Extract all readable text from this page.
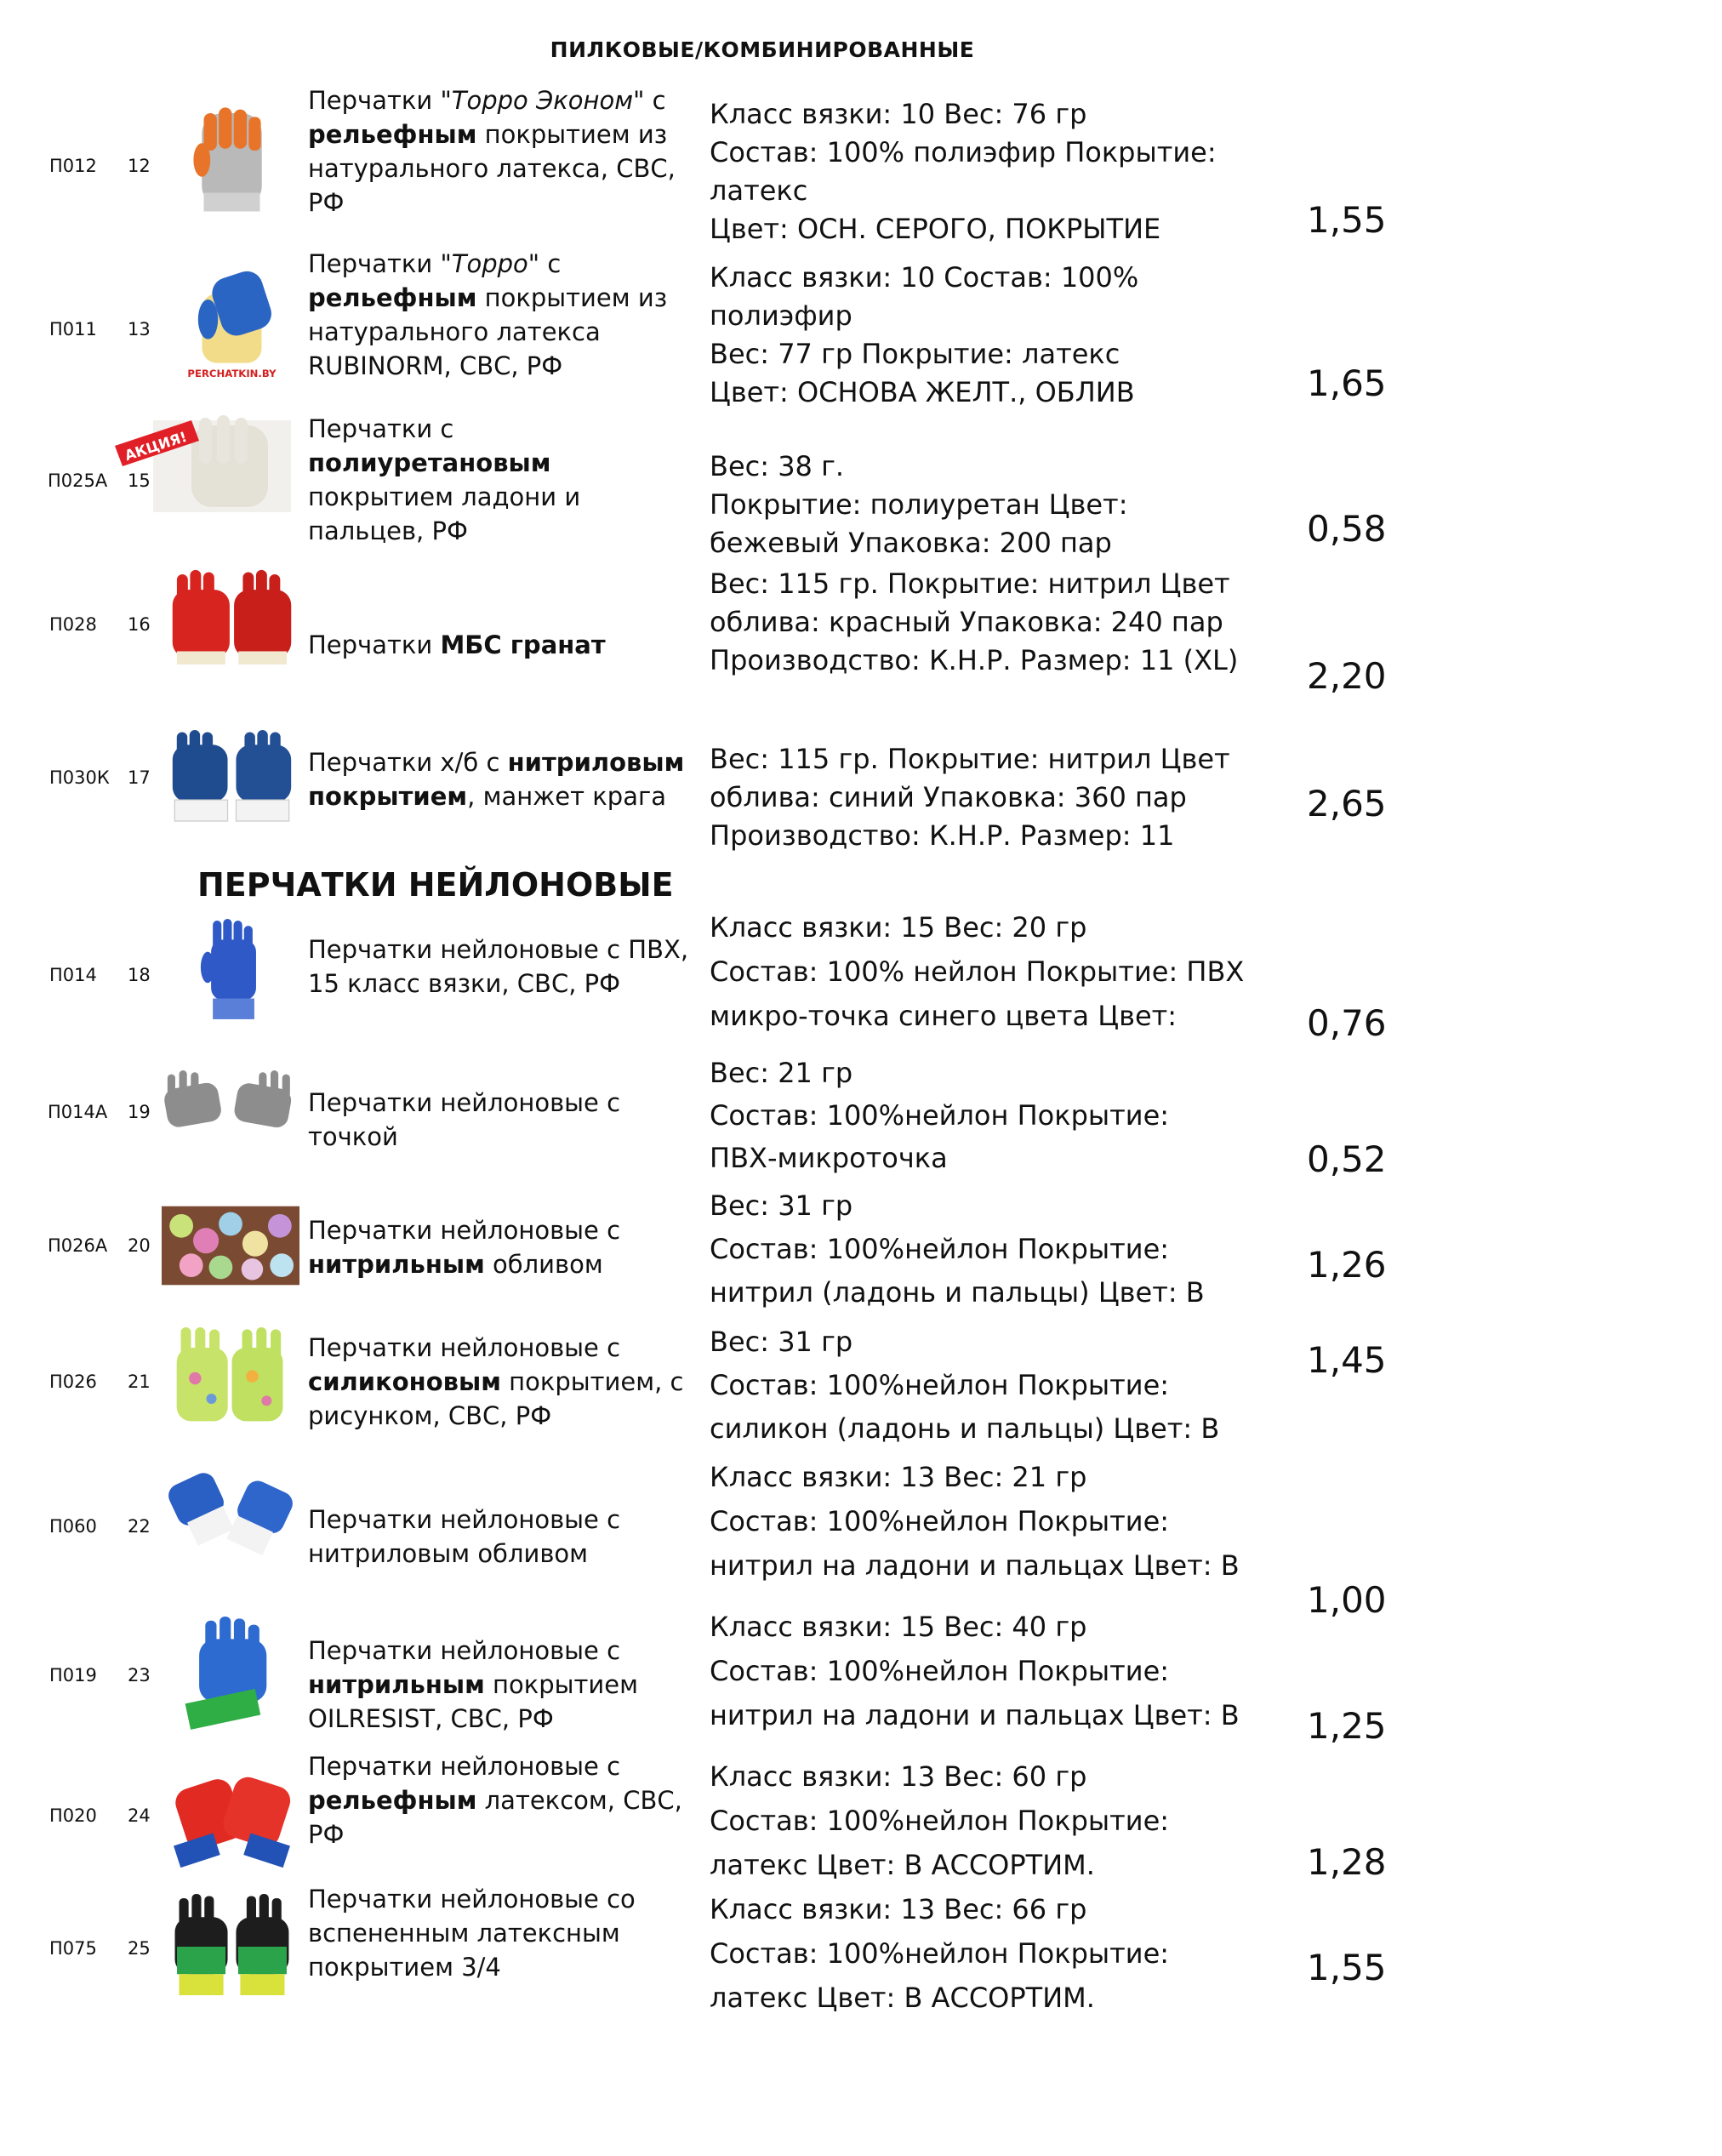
ПИЛКОВЫЕ/КОМБИНИРОВАННЫЕ
ПЕРЧАТКИ НЕЙЛОНОВЫЕ
П012 12
Перчатки "Торро Эконом" с рельефным покрытием из натурального латекса, СВС, РФ
Класс вязки: 10 Вес: 76 гр
Состав: 100% полиэфир Покрытие:
латекс
Цвет: ОСН. СЕРОГО, ПОКРЫТИЕ	1,55
П011 13
PERCHATKIN.BY
Перчатки "Торро" с рельефным покрытием из натурального латекса RUBINORM, СВС, РФ
Класс вязки: 10 Состав: 100%
полиэфир
Вес: 77 гр Покрытие: латекс
Цвет: ОСНОВА ЖЕЛТ., ОБЛИВ	1,65
П025А 15
АКЦИЯ!	Перчатки с полиуретановым покрытием ладони и пальцев, РФ
Вес: 38 г.
Покрытие: полиуретан Цвет:
бежевый Упаковка: 200 пар	0,58
П028 16
Перчатки МБС гранат
Вес: 115 гр. Покрытие: нитрил Цвет
облива: красный Упаковка: 240 пар
Производство: К.Н.Р. Размер: 11 (XL) 2,20
П030К 17
Перчатки х/б с нитриловым покрытием, манжет крага
Вес: 115 гр. Покрытие: нитрил Цвет
облива: синий Упаковка: 360 пар
Производство: К.Н.Р. Размер: 11
2,65
П014 18
Перчатки нейлоновые с ПВХ, 15 класс вязки, СВС, РФ
Класс вязки: 15 Вес: 20 гр
Состав: 100% нейлон Покрытие: ПВХ
микро-точка синего цвета Цвет:	0,76
П014А 19	Перчатки нейлоновые с точкой
Вес: 21 гр
Состав: 100%нейлон Покрытие:
ПВХ-микроточка	0,52
П026А 20
Перчатки нейлоновые с нитрильным обливом
Вес: 31 гр
Состав: 100%нейлон Покрытие:
нитрил (ладонь и пальцы) Цвет: В
1,26
П026 21
Перчатки нейлоновые с силиконовым покрытием, с рисунком, СВС, РФ
Вес: 31 гр
Состав: 100%нейлон Покрытие:
силикон (ладонь и пальцы) Цвет: В
1,45
П060 22	Перчатки нейлоновые с нитриловым обливом
Класс вязки: 13 Вес: 21 гр
Состав: 100%нейлон Покрытие:
нитрил на ладони и пальцах Цвет: В
1,00
П019 23
Перчатки нейлоновые с нитрильным покрытием OILRESIST, СВС, РФ
Класс вязки: 15 Вес: 40 гр
Состав: 100%нейлон Покрытие:
нитрил на ладони и пальцах Цвет: В 1,25
П020 24
Перчатки нейлоновые с рельефным латексом, СВС, РФ
Класс вязки: 13 Вес: 60 гр
Состав: 100%нейлон Покрытие:
латекс Цвет: В АССОРТИМ.	1,28
П075 25
Перчатки нейлоновые со вспененным латексным покрытием 3/4
Класс вязки: 13 Вес: 66 гр
Состав: 100%нейлон Покрытие:
латекс Цвет: В АССОРТИМ.
1,55
